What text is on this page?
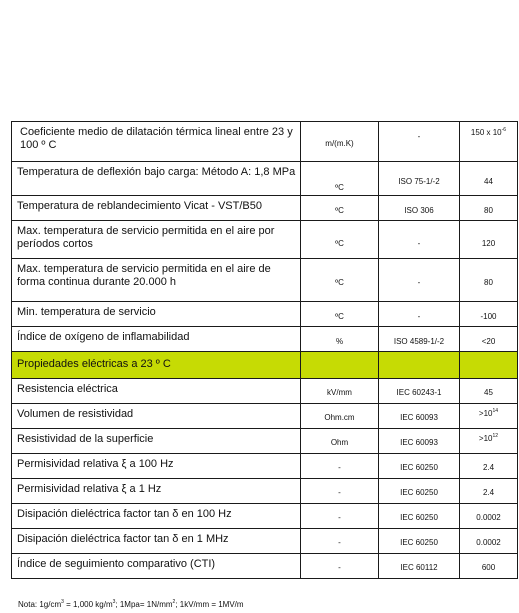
Coeficiente medio de dilatación térmica lineal entre 23 y 100 º C	m/(m.K)	-	150 x $10^{-6}$

Temperatura de deflexión bajo carga: Método A: 1,8 MPa	ºC	ISO 75-1/-2	44

Temperatura de reblandecimiento Vicat - VST/B50	ºC	ISO 306	80

Max. temperatura de servicio permitida en el aire por períodos cortos	ºC	-	120

Max. temperatura de servicio permitida en el aire de forma continua durante 20.000 h	ºC	-	80

Min. temperatura de servicio	ºC	-	-100

Índice de oxígeno de inflamabilidad	%	ISO 4589-1/-2	<20

Propiedades eléctricas a 23 º C			

Resistencia eléctrica	kV/mm	IEC 60243-1	45

Volumen de resistividad	Ohm.cm	IEC 60093	$>10^{14}$

Resistividad de la superficie	Ohm	IEC 60093	$>10^{12}$

Permisividad relativa ξ a 100 Hz	-	IEC 60250	2.4

Permisividad relativa ξ a 1 Hz	-	IEC 60250	2.4

Disipación dieléctrica factor tan δ en 100 Hz	-	IEC 60250	0.0002

Disipación dieléctrica factor tan δ en 1 MHz	-	IEC 60250	0.0002

Índice de seguimiento comparativo (CTI)	-	IEC 60112	600
Nota: $1g/cm^3 = 1,000$ $kg/m^3$; $1Mpa= 1N/mm^2$; 1kV/mm = 1MV/m
